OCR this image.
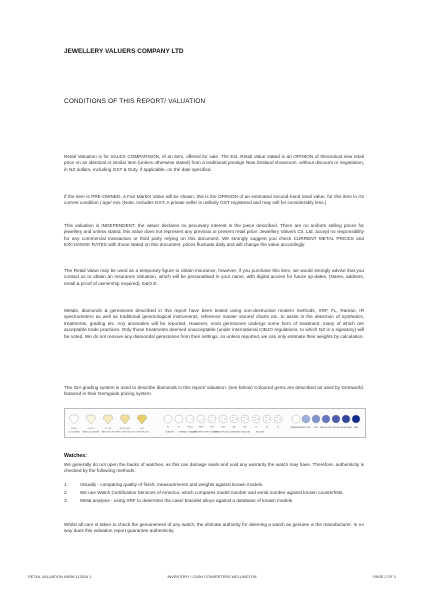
JEWELLERY VALUERS COMPANY LTD
CONDITIONS OF THIS REPORT/ VALUATION

Retail Valuation is for SALES COMPARISON, of an item, offered for sale. The Est. Retail Value stated is an OPINION of theoretical new retail price on an identical or similar item (unless otherwise stated) from a traditional prestige New Zealand showroom, without discount or negotiation, in NZ dollars, including GST & Duty, if applicable, on the date specified.

If the item is PRE-OWNED, a Fair Market Value will be shown, this is the OPINION of an estimated second-hand retail value, for this item in it's current condition / age/ era. (Note, includes GST. A private seller is unlikely GST registered and may sell for considerably less.)

This valuation is INDEPENDENT, the valuer declares no pecuniary interest in the piece described. There are no uniform selling prices for jewellery and unless stated, this value does not represent any previous or present retail price. Jewellery Valuers Co. Ltd. accept no responsibility for any commercial transaction or third party relying on this document. We strongly suggest you check CURRENT METAL PRICES and EXCHANGE RATES with those stated on this document, prices fluctuate daily and will change the value accordingly.

The Retail Value may be used as a temporary figure to obtain insurance, however, if you purchase this item, we would strongly advise that you contact us to obtain an Insurance Valuation, which will be personalised in your name, with digital access for future up-dates. (Name, address, email & proof of ownership required). E&O E.

Metals, diamonds & gemstones described in this report have been tested using non-destructive modern methods, XRF, FL, Raman, IR spectrometers as well as traditional gemmological instruments, reference master stones/ charts etc. to assist in the detection of synthetics, treatments, grading etc. Any anomalies will be reported. However, most gemstones undergo some form of treatment, many of which are acceptable trade practices. Only those treatments deemed unacceptable (under international CIBJO regulations, to which NZ is a signatory) will be noted. We do not remove any diamonds/ gemstones from their settings, so unless reported, we can only estimate their weights by calculation.

The GIA grading system is used to describe diamonds in this report/ valuation. (see below) Coloured gems are described as used by Gemworld, featured in their Gemguide pricing system.

D E F
COLORLESS
G H I J
NEAR COLORLESS
K L M
FAINT YELLOW
N O P Q R
VERY LIGHT YELLOW
S-Z
LIGHT YELLOW
FL	IF	VVS1	VVS2	VS1	VS2	SI1	SI2	I1	I2	I3
FLAWLESS	INTERNALLY FLAWLESS
VERY VERY SLIGHTLY INCLUDED
VERY SLIGHTLY INCLUDED SLIGHTLY INCLUDED	INCLUDED
TRANSPARENT VERY LIGHT LIGHT MEDIUM LIGHT MEDIUM MEDIUM DARK	DARK
Watches:

We generally do not open the backs of watches, as this can damage seals and void any warranty the watch may have. Therefore, authenticity is checked by the following methods:

1.	Visually - comparing quality of finish, measurements and weights against known models.
2.	We use Watch Certification Services of America, which compares model number and serial number against known counterfeits.
3.	Metal analysis - using XRF to determine the case/ bracelet alloys against a database of known models.

Whilst all care is taken to check the genuineness of any watch, the ultimate authority for deeming a watch as genuine is the manufacturer. In no way does this valuation report guarantee authenticity.

RETAIL VALUATION #3096-112024 1	INVENTORY / CASH CONVERTERS WELLINGTON	PAGE 2 OF 2
